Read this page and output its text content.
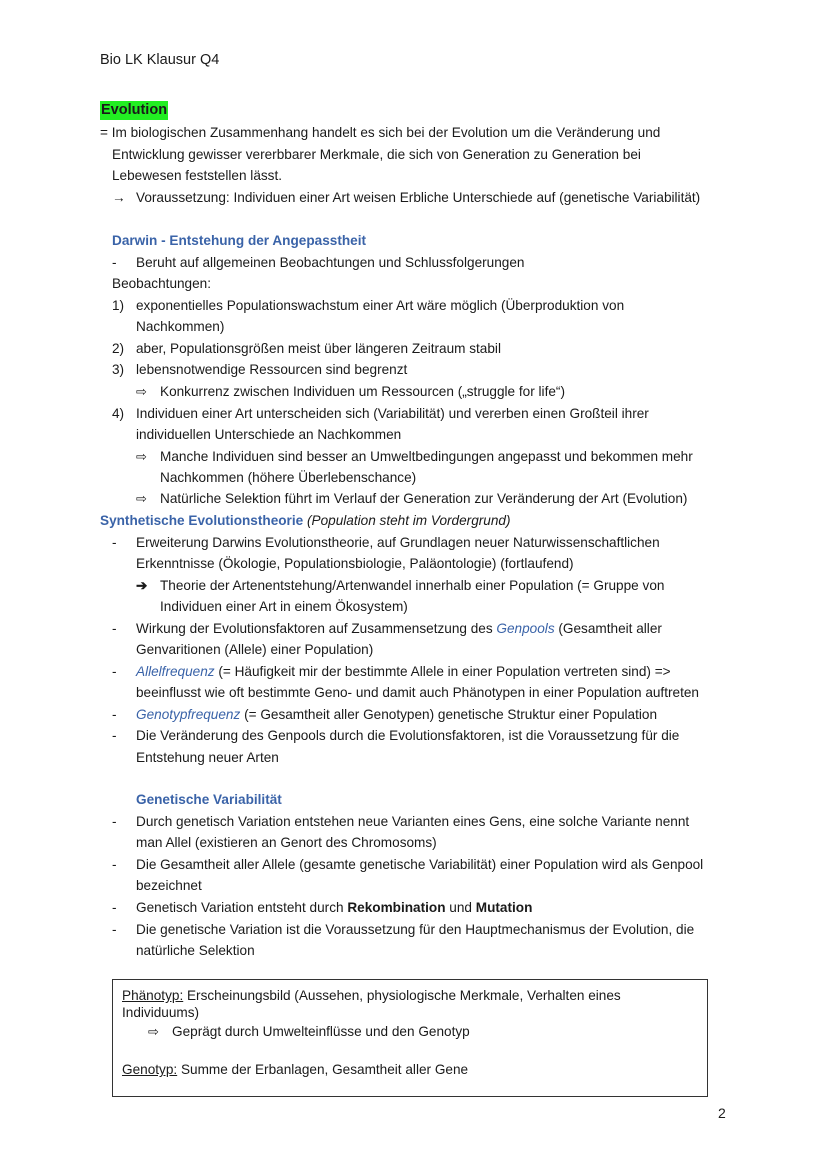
Bio LK Klausur Q4
Evolution
= Im biologischen Zusammenhang handelt es sich bei der Evolution um die Veränderung und
Entwicklung gewisser vererbbarer Merkmale, die sich von Generation zu Generation bei
Lebewesen feststellen lässt.
→ Voraussetzung: Individuen einer Art weisen Erbliche Unterschiede auf (genetische Variabilität)
Darwin - Entstehung der Angepasstheit
- Beruht auf allgemeinen Beobachtungen und Schlussfolgerungen
Beobachtungen:
1) exponentielles Populationswachstum einer Art wäre möglich (Überproduktion von
Nachkommen)
2) aber, Populationsgrößen meist über längeren Zeitraum stabil
3) lebensnotwendige Ressourcen sind begrenzt
⇨ Konkurrenz zwischen Individuen um Ressourcen („struggle for life“)
4) Individuen einer Art unterscheiden sich (Variabilität) und vererben einen Großteil ihrer
individuellen Unterschiede an Nachkommen
⇨ Manche Individuen sind besser an Umweltbedingungen angepasst und bekommen mehr
Nachkommen (höhere Überlebenschance)
⇨ Natürliche Selektion führt im Verlauf der Generation zur Veränderung der Art (Evolution)
Synthetische Evolutionstheorie (Population steht im Vordergrund)
- Erweiterung Darwins Evolutionstheorie, auf Grundlagen neuer Naturwissenschaftlichen
Erkenntnisse (Ökologie, Populationsbiologie, Paläontologie) (fortlaufend)
➔ Theorie der Artenentstehung/Artenwandel innerhalb einer Population (= Gruppe von
Individuen einer Art in einem Ökosystem)
- Wirkung der Evolutionsfaktoren auf Zusammensetzung des Genpools (Gesamtheit aller
Genvaritionen (Allele) einer Population)
- Allelfrequenz (= Häufigkeit mir der bestimmte Allele in einer Population vertreten sind) =>
beeinflusst wie oft bestimmte Geno- und damit auch Phänotypen in einer Population auftreten
- Genotypfrequenz (= Gesamtheit aller Genotypen) genetische Struktur einer Population
- Die Veränderung des Genpools durch die Evolutionsfaktoren, ist die Voraussetzung für die
Entstehung neuer Arten
Genetische Variabilität
- Durch genetisch Variation entstehen neue Varianten eines Gens, eine solche Variante nennt
man Allel (existieren an Genort des Chromosoms)
- Die Gesamtheit aller Allele (gesamte genetische Variabilität) einer Population wird als Genpool
bezeichnet
- Genetisch Variation entsteht durch Rekombination und Mutation
- Die genetische Variation ist die Voraussetzung für den Hauptmechanismus der Evolution, die
natürliche Selektion
Phänotyp: Erscheinungsbild (Aussehen, physiologische Merkmale, Verhalten eines
Individuums)
⇨ Geprägt durch Umwelteinflüsse und den Genotyp
Genotyp: Summe der Erbanlagen, Gesamtheit aller Gene
2
